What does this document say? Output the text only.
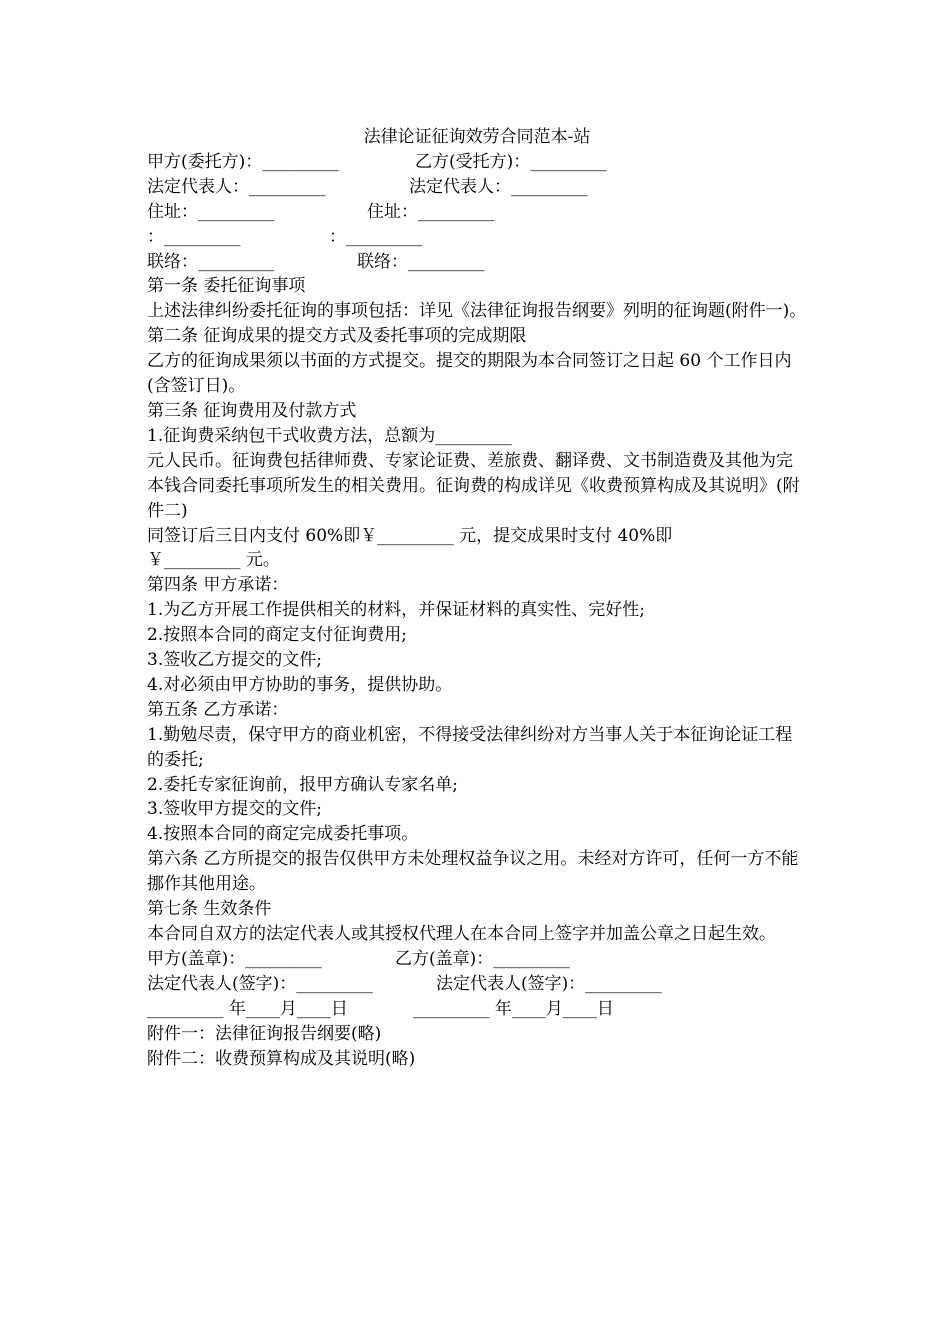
法律论证征询效劳合同范本-站
甲方(委托方)：_________	乙方(受托方)：_________
法定代表人：_________	法定代表人：_________
住址：_________	住址：_________
：_________	：_________
联络：_________	联络：_________
第一条 委托征询事项
上述法律纠纷委托征询的事项包括：详见《法律征询报告纲要》列明的征询题(附件一)。
第二条 征询成果的提交方式及委托事项的完成期限
乙方的征询成果须以书面的方式提交。提交的期限为本合同签订之日起 60 个工作日内(含签订日)。
第三条 征询费用及付款方式
1.征询费采纳包干式收费方法，总额为_________
元人民币。征询费包括律师费、专家论证费、差旅费、翻译费、文书制造费及其他为完本钱合同委托事项所发生的相关费用。征询费的构成详见《收费预算构成及其说明》(附件二)
同签订后三日内支付 60%即￥_________ 元，提交成果时支付 40%即
￥_________ 元。
第四条 甲方承诺：
1.为乙方开展工作提供相关的材料，并保证材料的真实性、完好性;
2.按照本合同的商定支付征询费用;
3.签收乙方提交的文件;
4.对必须由甲方协助的事务，提供协助。
第五条 乙方承诺：
1.勤勉尽责，保守甲方的商业机密，不得接受法律纠纷对方当事人关于本征询论证工程的委托;
2.委托专家征询前，报甲方确认专家名单;
3.签收甲方提交的文件;
4.按照本合同的商定完成委托事项。
第六条 乙方所提交的报告仅供甲方未处理权益争议之用。未经对方许可，任何一方不能挪作其他用途。
第七条 生效条件
本合同自双方的法定代表人或其授权代理人在本合同上签字并加盖公章之日起生效。
甲方(盖章)：_________	乙方(盖章)：_________
法定代表人(签字)：_________	法定代表人(签字)：_________
_________ 年____月____日	_________ 年____月____日
附件一：法律征询报告纲要(略)
附件二：收费预算构成及其说明(略)
